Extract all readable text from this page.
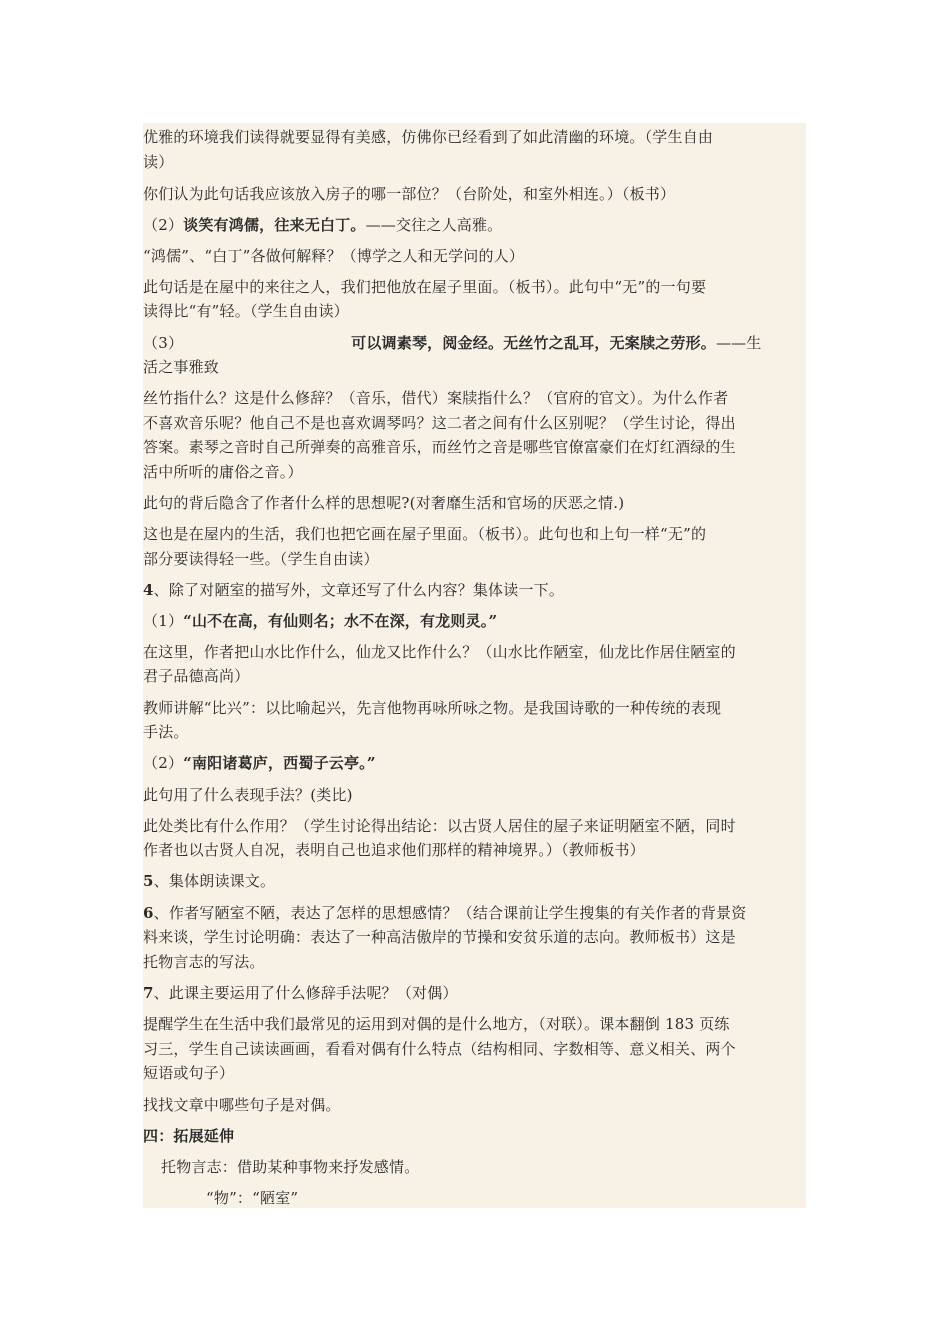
优雅的环境我们读得就要显得有美感，仿佛你已经看到了如此清幽的环境。（学生自由
读）
你们认为此句话我应该放入房子的哪一部位？（台阶处，和室外相连。）（板书）
（2）谈笑有鸿儒，往来无白丁。——交往之人高雅。
“鸿儒”、“白丁”各做何解释？（博学之人和无学问的人）
此句话是在屋中的来往之人，我们把他放在屋子里面。（板书）。此句中“无”的一句要
读得比“有”轻。（学生自由读）
（3）	可以调素琴，阅金经。无丝竹之乱耳，无案牍之劳形。——生
活之事雅致
丝竹指什么？这是什么修辞？（音乐，借代）案牍指什么？（官府的官文）。为什么作者
不喜欢音乐呢？他自己不是也喜欢调琴吗？这二者之间有什么区别呢？（学生讨论，得出
答案。素琴之音时自己所弹奏的高雅音乐，而丝竹之音是哪些官僚富豪们在灯红酒绿的生
活中所听的庸俗之音。）
此句的背后隐含了作者什么样的思想呢?(对奢靡生活和官场的厌恶之情.)
这也是在屋内的生活，我们也把它画在屋子里面。（板书）。此句也和上句一样“无”的
部分要读得轻一些。（学生自由读）
4、除了对陋室的描写外，文章还写了什么内容？集体读一下。
（1）“山不在高，有仙则名；水不在深，有龙则灵。”
在这里，作者把山水比作什么，仙龙又比作什么？（山水比作陋室，仙龙比作居住陋室的
君子品德高尚）
教师讲解“比兴”：以比喻起兴，先言他物再咏所咏之物。是我国诗歌的一种传统的表现
手法。
（2）“南阳诸葛庐，西蜀子云亭。”
此句用了什么表现手法？(类比)
此处类比有什么作用？（学生讨论得出结论：以古贤人居住的屋子来证明陋室不陋，同时
作者也以古贤人自况，表明自己也追求他们那样的精神境界。）（教师板书）
5、集体朗读课文。
6、作者写陋室不陋，表达了怎样的思想感情？（结合课前让学生搜集的有关作者的背景资
料来谈，学生讨论明确：表达了一种高洁傲岸的节操和安贫乐道的志向。教师板书）这是
托物言志的写法。
7、此课主要运用了什么修辞手法呢？（对偶）
提醒学生在生活中我们最常见的运用到对偶的是什么地方，（对联）。课本翻倒 183 页练
习三，学生自己读读画画，看看对偶有什么特点（结构相同、字数相等、意义相关、两个
短语或句子）
找找文章中哪些句子是对偶。
四：拓展延伸
托物言志：借助某种事物来抒发感情。
“物”：“陋室”
